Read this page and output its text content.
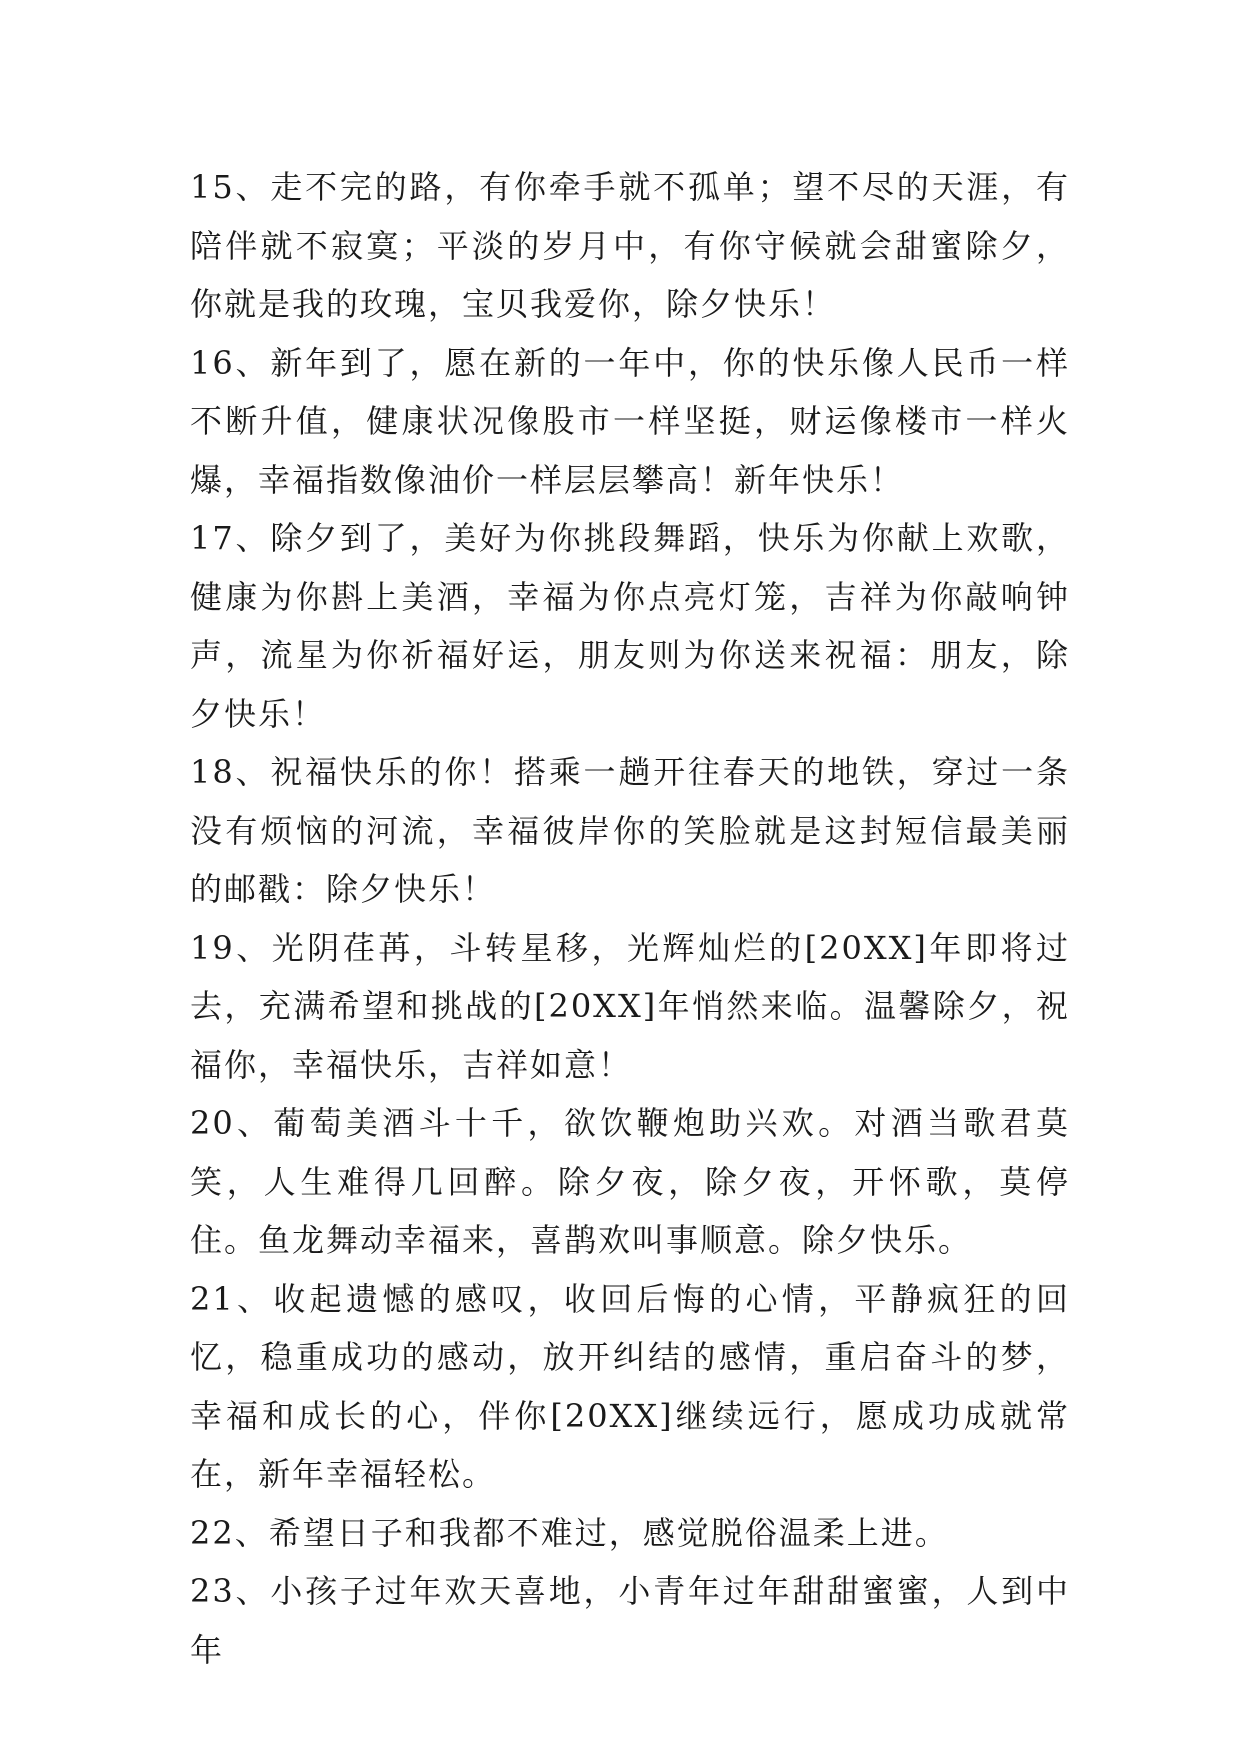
15、走不完的路，有你牵手就不孤单；望不尽的天涯，有陪伴就不寂寞；平淡的岁月中，有你守候就会甜蜜除夕，你就是我的玫瑰，宝贝我爱你，除夕快乐！

16、新年到了，愿在新的一年中，你的快乐像人民币一样不断升值，健康状况像股市一样坚挺，财运像楼市一样火爆，幸福指数像油价一样层层攀高！新年快乐！

17、除夕到了，美好为你挑段舞蹈，快乐为你献上欢歌，健康为你斟上美酒，幸福为你点亮灯笼，吉祥为你敲响钟声，流星为你祈福好运，朋友则为你送来祝福：朋友，除夕快乐！

18、祝福快乐的你！搭乘一趟开往春天的地铁，穿过一条没有烦恼的河流，幸福彼岸你的笑脸就是这封短信最美丽的邮戳：除夕快乐！

19、光阴荏苒，斗转星移，光辉灿烂的[20XX]年即将过去，充满希望和挑战的[20XX]年悄然来临。温馨除夕，祝福你，幸福快乐，吉祥如意！

20、葡萄美酒斗十千，欲饮鞭炮助兴欢。对酒当歌君莫笑，人生难得几回醉。除夕夜，除夕夜，开怀歌，莫停住。鱼龙舞动幸福来，喜鹊欢叫事顺意。除夕快乐。

21、收起遗憾的感叹，收回后悔的心情，平静疯狂的回忆，稳重成功的感动，放开纠结的感情，重启奋斗的梦，幸福和成长的心，伴你[20XX]继续远行，愿成功成就常在，新年幸福轻松。

22、希望日子和我都不难过，感觉脱俗温柔上进。

23、小孩子过年欢天喜地，小青年过年甜甜蜜蜜，人到中年
